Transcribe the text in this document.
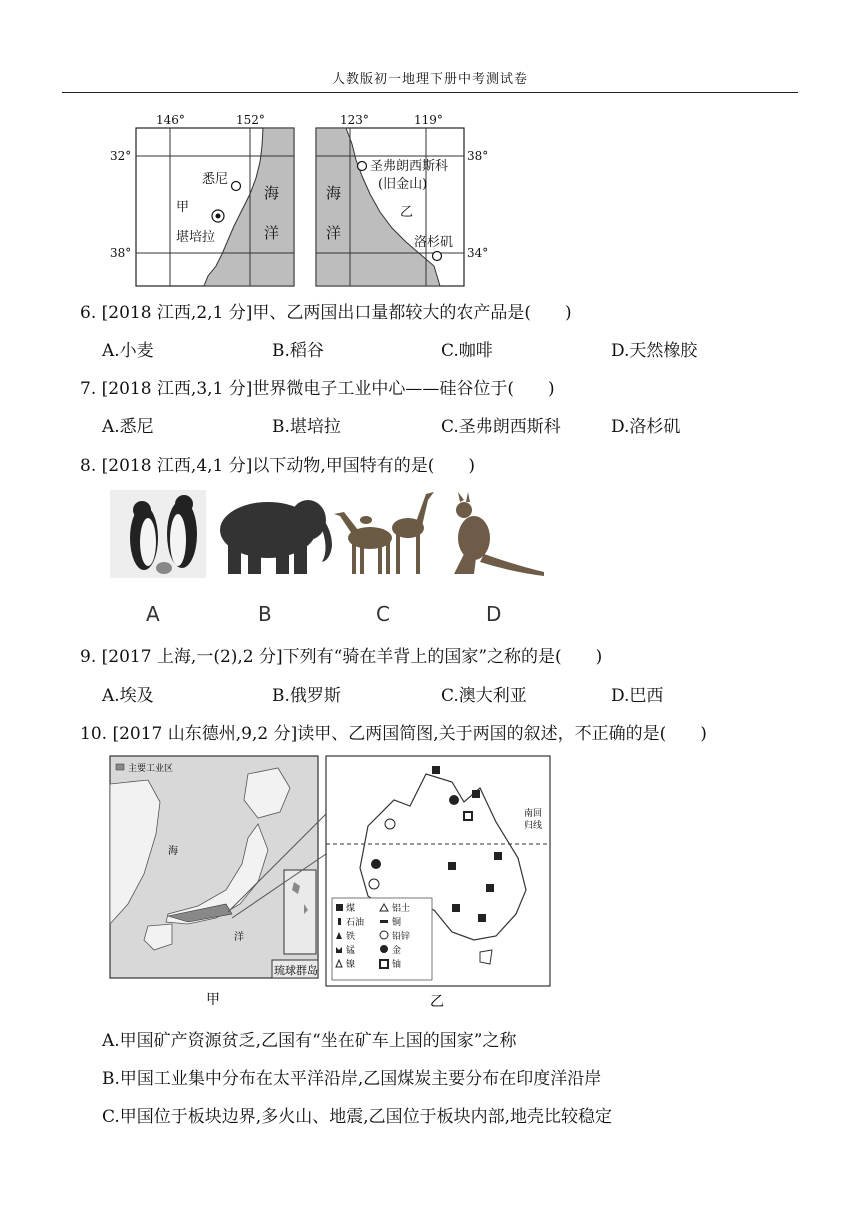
人教版初一地理下册中考测试卷
146°	152°
32°
38°
悉尼
甲
堪培拉
海
洋
123°	119°
38°
34°
圣弗朗西斯科
(旧金山)
乙
洛杉矶
海
洋
6. [2018 江西,2,1 分]甲、乙两国出口量都较大的农产品是(　　)
A.小麦	B.稻谷	C.咖啡	D.天然橡胶
7. [2018 江西,3,1 分]世界微电子工业中心——硅谷位于(　　)
A.悉尼	B.堪培拉	C.圣弗朗西斯科	D.洛杉矶
8. [2018 江西,4,1 分]以下动物,甲国特有的是(　　)
A	B	C	D
9. [2017 上海,一(2),2 分]下列有“骑在羊背上的国家”之称的是(　　)
A.埃及	B.俄罗斯	C.澳大利亚	D.巴西
10. [2017 山东德州,9,2 分]读甲、乙两国简图,关于两国的叙述，不正确的是(　　)
主要工业区
海
洋
琉球群岛
甲
南回
归线
煤	铝土
石油	铜
铁	铅锌
锰	金
镍	铀
乙
A.甲国矿产资源贫乏,乙国有“坐在矿车上国的国家”之称
B.甲国工业集中分布在太平洋沿岸,乙国煤炭主要分布在印度洋沿岸
C.甲国位于板块边界,多火山、地震,乙国位于板块内部,地壳比较稳定
